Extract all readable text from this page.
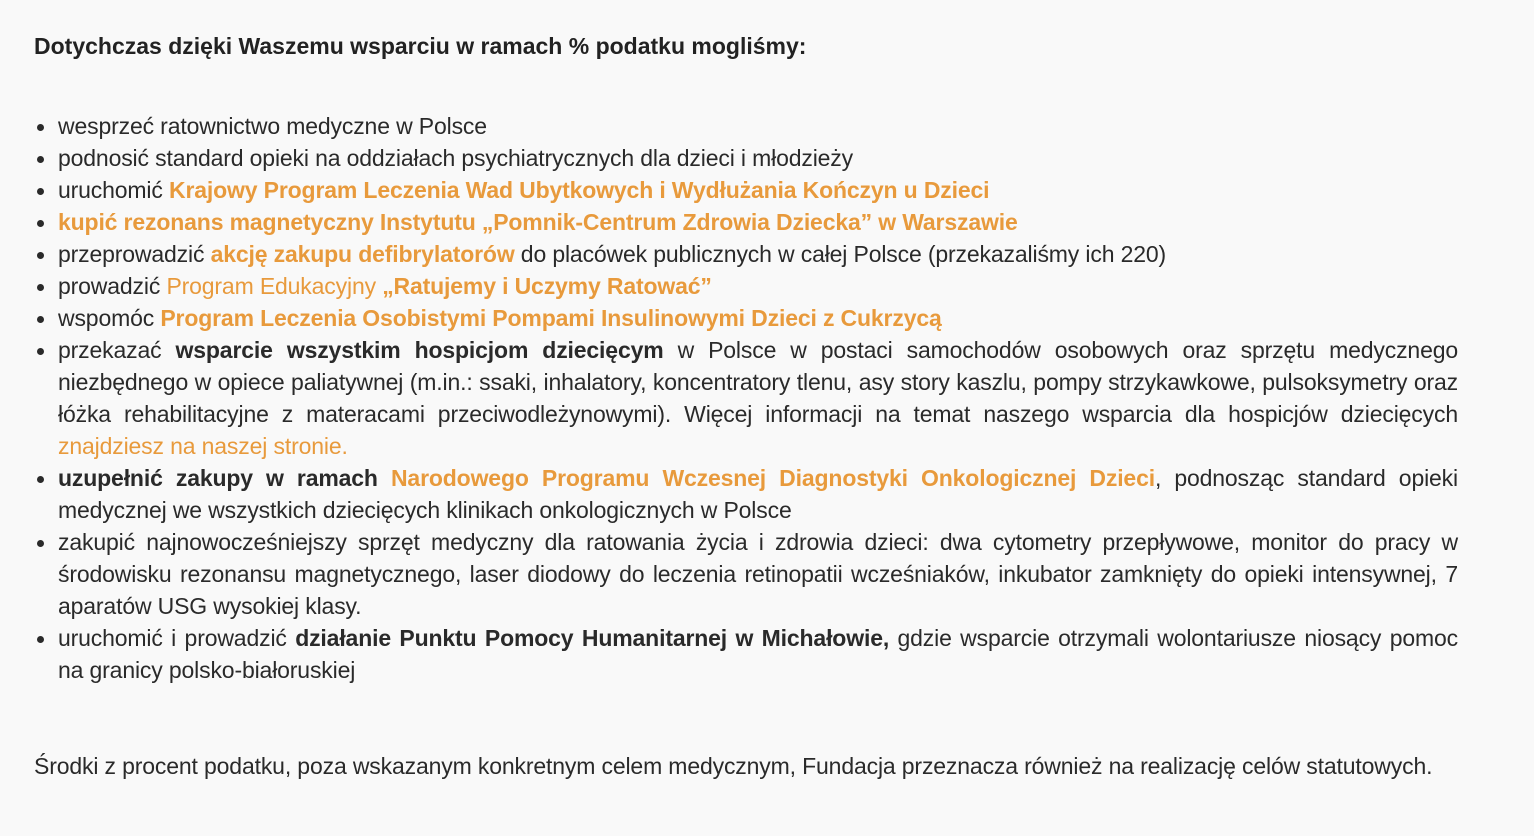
Dotychczas dzięki Waszemu wsparciu w ramach % podatku mogliśmy:
wesprzeć ratownictwo medyczne w Polsce
podnosić standard opieki na oddziałach psychiatrycznych dla dzieci i młodzieży
uruchomić Krajowy Program Leczenia Wad Ubytkowych i Wydłużania Kończyn u Dzieci
kupić rezonans magnetyczny Instytutu „Pomnik-Centrum Zdrowia Dziecka” w Warszawie
przeprowadzić akcję zakupu defibrylatorów do placówek publicznych w całej Polsce (przekazaliśmy ich 220)
prowadzić Program Edukacyjny „Ratujemy i Uczymy Ratować”
wspomóc Program Leczenia Osobistymi Pompami Insulinowymi Dzieci z Cukrzycą
przekazać wsparcie wszystkim hospicjom dziecięcym w Polsce w postaci samochodów osobowych oraz sprzętu medycznego niezbędnego w opiece paliatywnej (m.in.: ssaki, inhalatory, koncentratory tlenu, asy story kaszlu, pompy strzykawkowe, pulsoksymetry oraz łóżka rehabilitacyjne z materacami przeciwodleżynowymi). Więcej informacji na temat naszego wsparcia dla hospicjów dziecięcych znajdziesz na naszej stronie.
uzupełnić zakupy w ramach Narodowego Programu Wczesnej Diagnostyki Onkologicznej Dzieci, podnosząc standard opieki medycznej we wszystkich dziecięcych klinikach onkologicznych w Polsce
zakupić najnowocześniejszy sprzęt medyczny dla ratowania życia i zdrowia dzieci: dwa cytometry przepływowe, monitor do pracy w środowisku rezonansu magnetycznego, laser diodowy do leczenia retinopatii wcześniaków, inkubator zamknięty do opieki intensywnej, 7 aparatów USG wysokiej klasy.
uruchomić i prowadzić działanie Punktu Pomocy Humanitarnej w Michałowie, gdzie wsparcie otrzymali wolontariusze niosący pomoc na granicy polsko-białoruskiej

Środki z procent podatku, poza wskazanym konkretnym celem medycznym, Fundacja przeznacza również na realizację celów statutowych.
